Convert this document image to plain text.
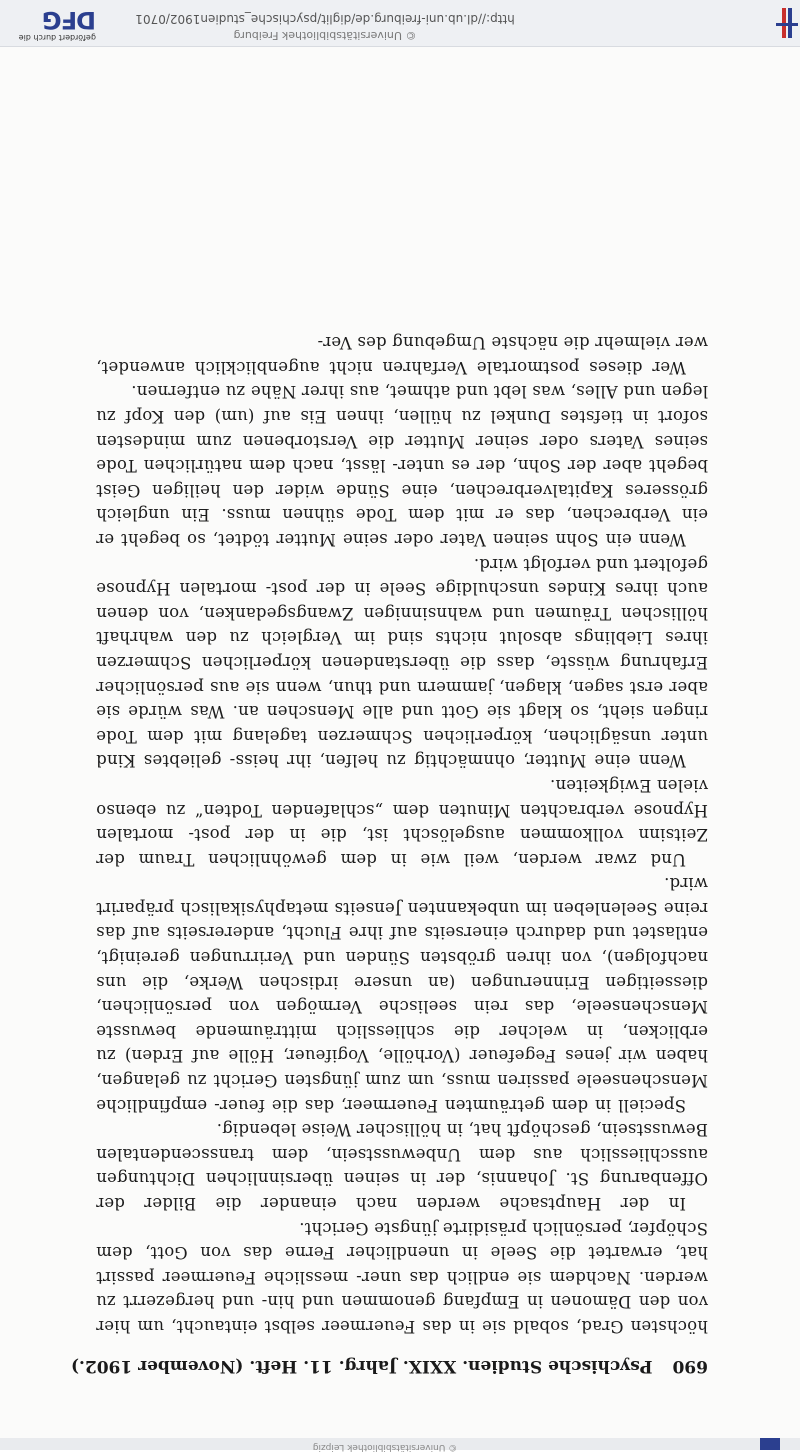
© Universitätsbibliothek Leipzig
690
Psychische Studien. XXIX. Jahrg. 11. Heft. (November 1902.)

höchsten Grad, sobald sie in das Feuermeer selbst eintaucht, um hier von den Dämonen in Empfang genommen und hin- und hergezerrt zu werden. Nachdem sie endlich das uner- messliche Feuermeer passirt hat, erwartet die Seele in unendlicher Ferne das von Gott, dem Schöpfer, persönlich präsidirte jüngste Gericht.

In der Hauptsache werden nach einander die Bilder der Offenbarung St. Johannis, der in seinen übersinnlichen Dichtungen ausschliesslich aus dem Unbewusstsein, dem transscendentalen Bewusstsein, geschöpft hat, in höllischer Weise lebendig.

Speciell in dem geträumten Feuermeer, das die feuer- empfindliche Menschenseele passiren muss, um zum jüngsten Gericht zu gelangen, haben wir jenes Fegefeuer (Vorhölle, Vogifeuer, Hölle auf Erden) zu erblicken, in welcher die schliesslich mitträumende bewusste Menschenseele, das rein seelische Vermögen von persönlichen, diesseitigen Erinnerungen (an unsere irdischen Werke, die uns nachfolgen), von ihren gröbsten Sünden und Verirrungen gereinigt, entlastet und dadurch einerseits auf ihre Flucht, andererseits auf das reine Seelenleben im unbekannten Jenseits metaphysikalisch präparirt wird.

Und zwar werden, weil wie in dem gewöhnlichen Traum der Zeitsinn vollkommen ausgelöscht ist, die in der post- mortalen Hypnose verbrachten Minuten dem „schlafenden Todten“ zu ebenso vielen Ewigkeiten.

Wenn eine Mutter, ohnmächtig zu helfen, ihr heiss- geliebtes Kind unter unsäglichen, körperlichen Schmerzen tagelang mit dem Tode ringen sieht, so klagt sie Gott und alle Menschen an. Was würde sie aber erst sagen, klagen, jammern und thun, wenn sie aus persönlicher Erfahrung wüsste, dass die überstandenen körperlichen Schmerzen ihres Lieblings absolut nichts sind im Vergleich zu den wahrhaft höllischen Träumen und wahnsinnigen Zwangsgedanken, von denen auch ihres Kindes unschuldige Seele in der post- mortalen Hypnose gefoltert und verfolgt wird.

Wenn ein Sohn seinen Vater oder seine Mutter tödtet, so begeht er ein Verbrechen, das er mit dem Tode sühnen muss. Ein ungleich grösseres Kapitalverbrechen, eine Sünde wider den heiligen Geist begeht aber der Sohn, der es unter- lässt, nach dem natürlichen Tode seines Vaters oder seiner Mutter die Verstorbenen zum mindesten sofort in tiefstes Dunkel zu hüllen, ihnen Eis auf (um) den Kopf zu legen und Alles, was lebt und athmet, aus ihrer Nähe zu entfernen.

Wer dieses postmortale Verfahren nicht augenblicklich anwendet, wer vielmehr die nächste Umgebung des Ver-

© Universitätsbibliothek Freiburg
http://dl.ub.uni-freiburg.de/diglit/psychische_studien1902/0701
gefördert durch die
DFG
